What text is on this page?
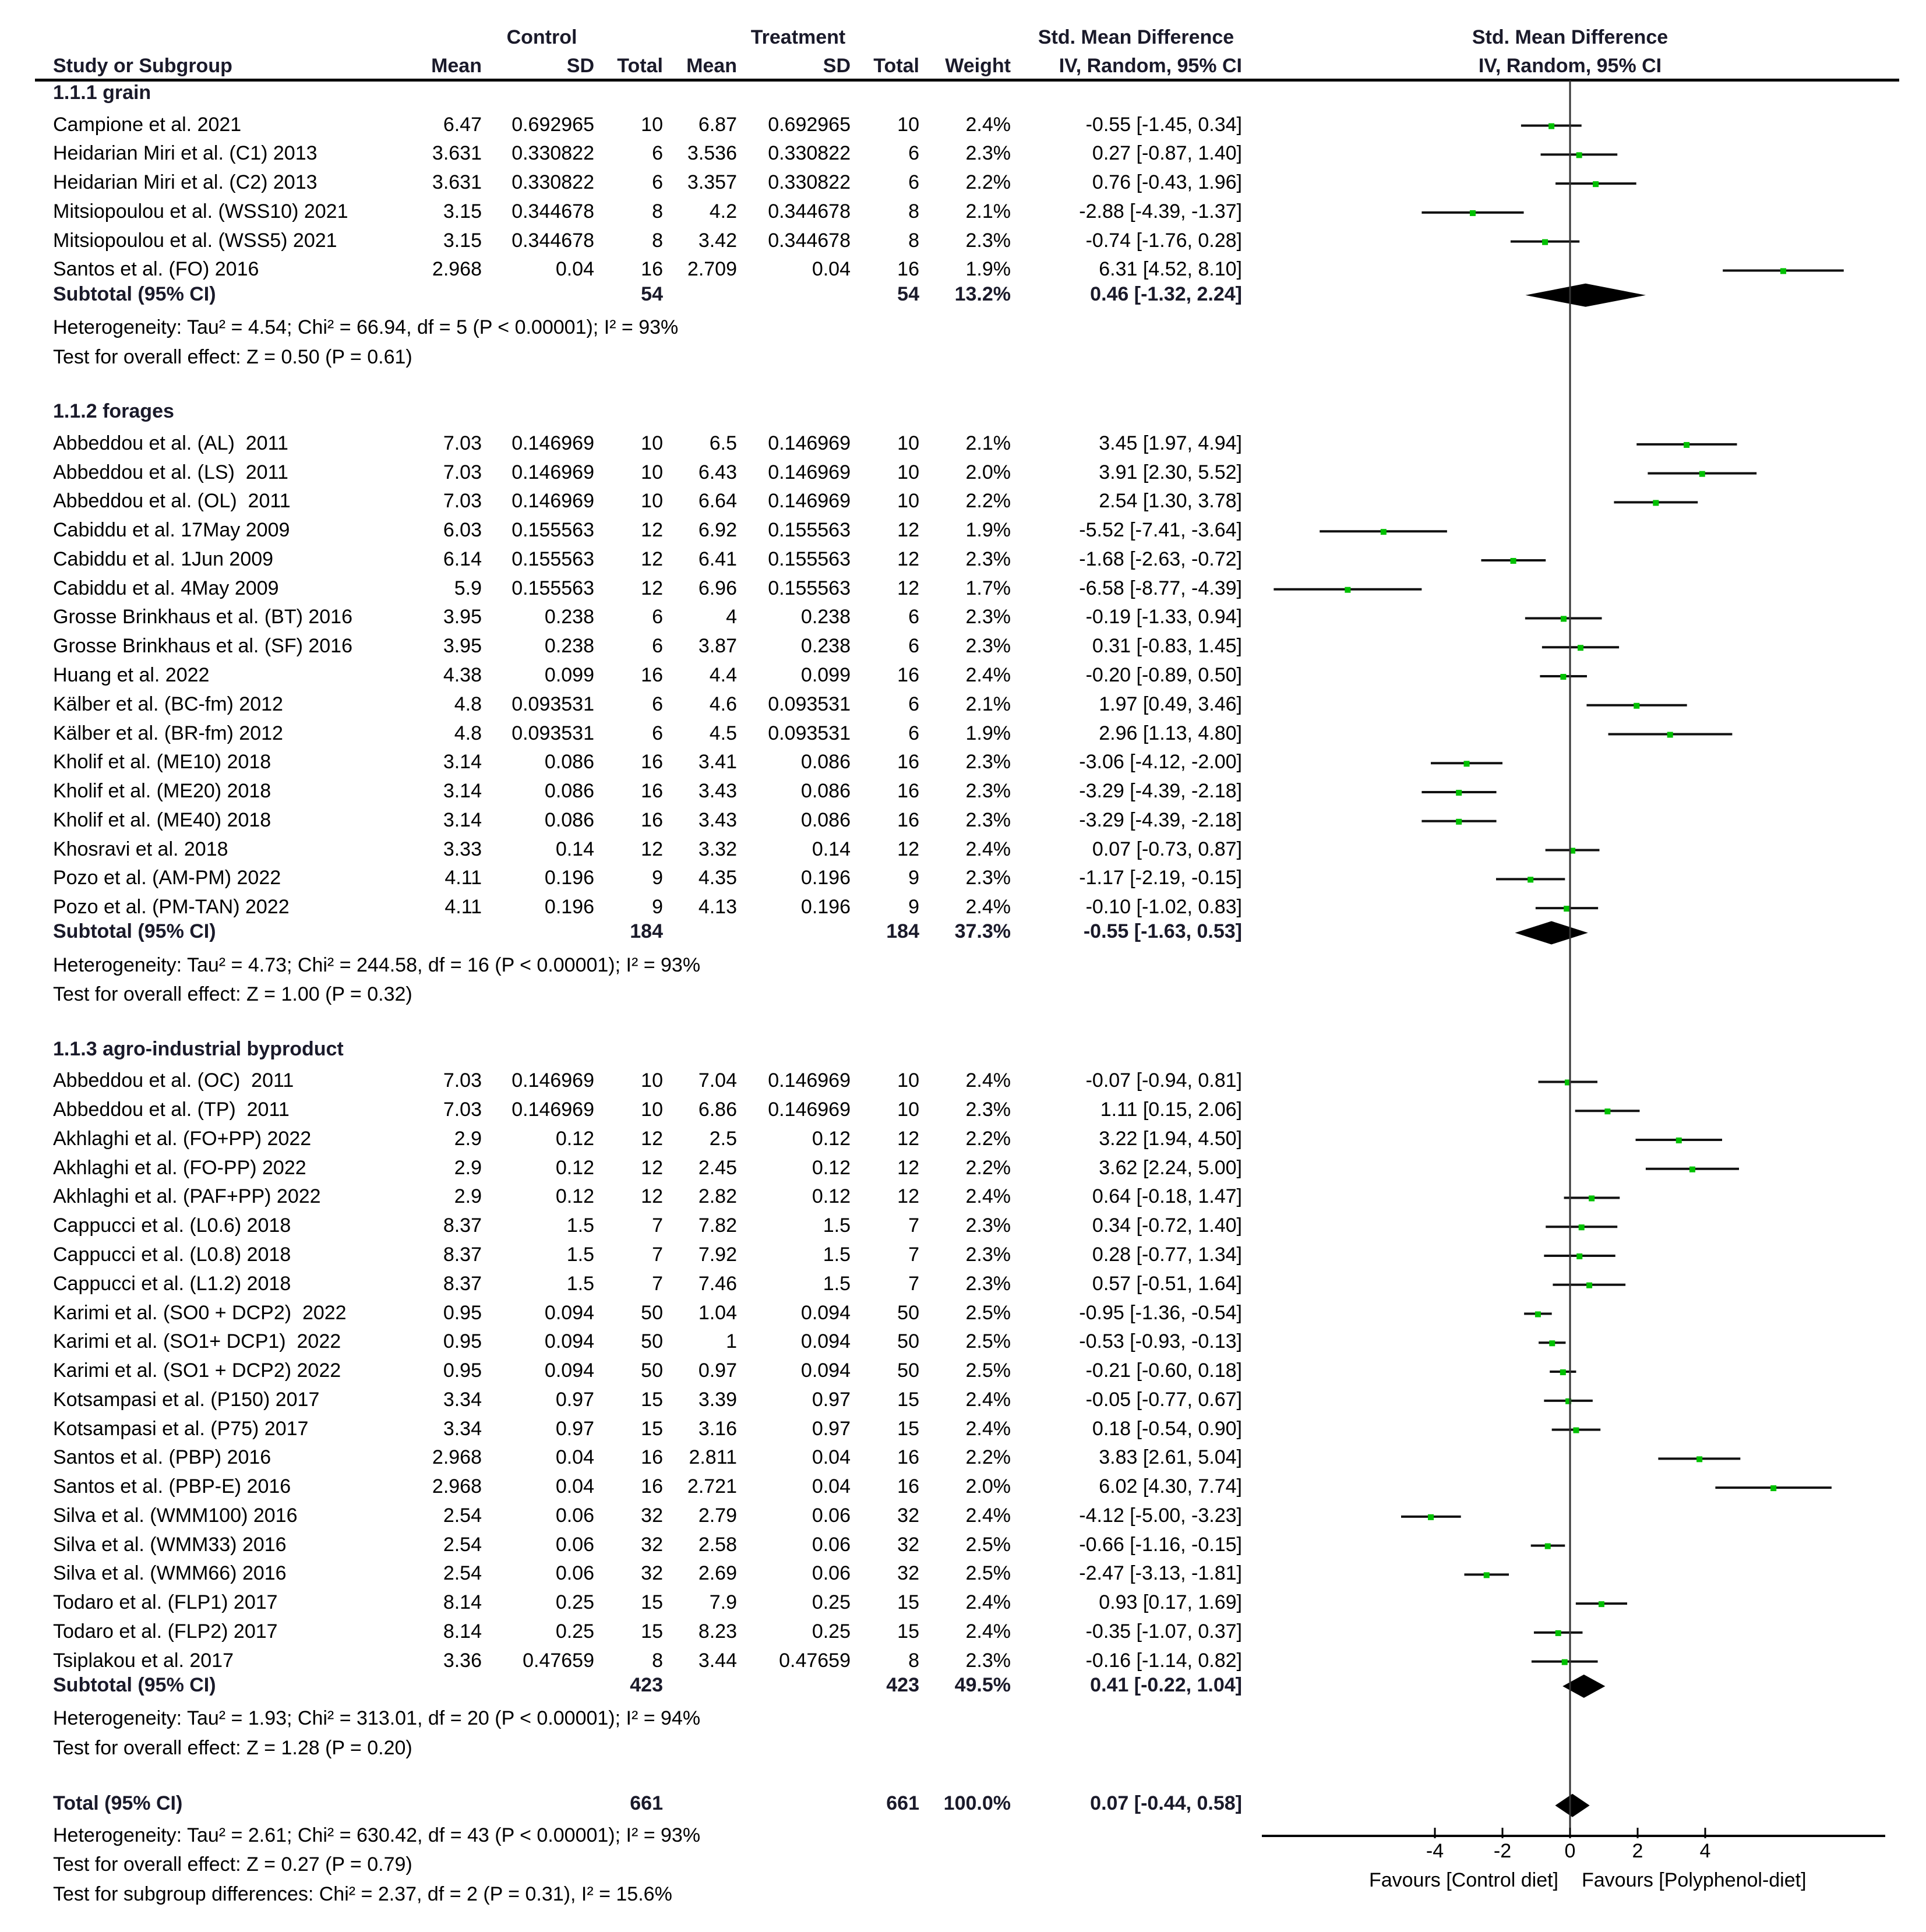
Control	Treatment	Std. Mean Difference	Std. Mean Difference
Study or Subgroup	Mean	SD	Total	Mean	SD	Total	Weight	IV, Random, 95% CI	IV, Random, 95% CI
1.1.1 grain
Campione et al. 2021	6.47	0.692965	10	6.87	0.692965	10	2.4%	-0.55 [-1.45, 0.34]
Heidarian Miri et al. (C1) 2013	3.631	0.330822	6	3.536	0.330822	6	2.3%	0.27 [-0.87, 1.40]
Heidarian Miri et al. (C2) 2013	3.631	0.330822	6	3.357	0.330822	6	2.2%	0.76 [-0.43, 1.96]
Mitsiopoulou et al. (WSS10) 2021	3.15	0.344678	8	4.2	0.344678	8	2.1%	-2.88 [-4.39, -1.37]
Mitsiopoulou et al. (WSS5) 2021	3.15	0.344678	8	3.42	0.344678	8	2.3%	-0.74 [-1.76, 0.28]
Santos et al. (FO) 2016	2.968	0.04	16	2.709	0.04	16	1.9%	6.31 [4.52, 8.10]
Subtotal (95% CI)	54	54	13.2%	0.46 [-1.32, 2.24]
Heterogeneity: Tau² = 4.54; Chi² = 66.94, df = 5 (P < 0.00001); I² = 93%
Test for overall effect: Z = 0.50 (P = 0.61)
1.1.2 forages
Abbeddou et al. (AL)  2011	7.03	0.146969	10	6.5	0.146969	10	2.1%	3.45 [1.97, 4.94]
Abbeddou et al. (LS)  2011	7.03	0.146969	10	6.43	0.146969	10	2.0%	3.91 [2.30, 5.52]
Abbeddou et al. (OL)  2011	7.03	0.146969	10	6.64	0.146969	10	2.2%	2.54 [1.30, 3.78]
Cabiddu et al. 17May 2009	6.03	0.155563	12	6.92	0.155563	12	1.9%	-5.52 [-7.41, -3.64]
Cabiddu et al. 1Jun 2009	6.14	0.155563	12	6.41	0.155563	12	2.3%	-1.68 [-2.63, -0.72]
Cabiddu et al. 4May 2009	5.9	0.155563	12	6.96	0.155563	12	1.7%	-6.58 [-8.77, -4.39]
Grosse Brinkhaus et al. (BT) 2016	3.95	0.238	6	4	0.238	6	2.3%	-0.19 [-1.33, 0.94]
Grosse Brinkhaus et al. (SF) 2016	3.95	0.238	6	3.87	0.238	6	2.3%	0.31 [-0.83, 1.45]
Huang et al. 2022	4.38	0.099	16	4.4	0.099	16	2.4%	-0.20 [-0.89, 0.50]
Kälber et al. (BC-fm) 2012	4.8	0.093531	6	4.6	0.093531	6	2.1%	1.97 [0.49, 3.46]
Kälber et al. (BR-fm) 2012	4.8	0.093531	6	4.5	0.093531	6	1.9%	2.96 [1.13, 4.80]
Kholif et al. (ME10) 2018	3.14	0.086	16	3.41	0.086	16	2.3%	-3.06 [-4.12, -2.00]
Kholif et al. (ME20) 2018	3.14	0.086	16	3.43	0.086	16	2.3%	-3.29 [-4.39, -2.18]
Kholif et al. (ME40) 2018	3.14	0.086	16	3.43	0.086	16	2.3%	-3.29 [-4.39, -2.18]
Khosravi et al. 2018	3.33	0.14	12	3.32	0.14	12	2.4%	0.07 [-0.73, 0.87]
Pozo et al. (AM-PM) 2022	4.11	0.196	9	4.35	0.196	9	2.3%	-1.17 [-2.19, -0.15]
Pozo et al. (PM-TAN) 2022	4.11	0.196	9	4.13	0.196	9	2.4%	-0.10 [-1.02, 0.83]
Subtotal (95% CI)	184	184	37.3%	-0.55 [-1.63, 0.53]
Heterogeneity: Tau² = 4.73; Chi² = 244.58, df = 16 (P < 0.00001); I² = 93%
Test for overall effect: Z = 1.00 (P = 0.32)
1.1.3 agro-industrial byproduct
Abbeddou et al. (OC)  2011	7.03	0.146969	10	7.04	0.146969	10	2.4%	-0.07 [-0.94, 0.81]
Abbeddou et al. (TP)  2011	7.03	0.146969	10	6.86	0.146969	10	2.3%	1.11 [0.15, 2.06]
Akhlaghi et al. (FO+PP) 2022	2.9	0.12	12	2.5	0.12	12	2.2%	3.22 [1.94, 4.50]
Akhlaghi et al. (FO-PP) 2022	2.9	0.12	12	2.45	0.12	12	2.2%	3.62 [2.24, 5.00]
Akhlaghi et al. (PAF+PP) 2022	2.9	0.12	12	2.82	0.12	12	2.4%	0.64 [-0.18, 1.47]
Cappucci et al. (L0.6) 2018	8.37	1.5	7	7.82	1.5	7	2.3%	0.34 [-0.72, 1.40]
Cappucci et al. (L0.8) 2018	8.37	1.5	7	7.92	1.5	7	2.3%	0.28 [-0.77, 1.34]
Cappucci et al. (L1.2) 2018	8.37	1.5	7	7.46	1.5	7	2.3%	0.57 [-0.51, 1.64]
Karimi et al. (SO0 + DCP2)  2022	0.95	0.094	50	1.04	0.094	50	2.5%	-0.95 [-1.36, -0.54]
Karimi et al. (SO1+ DCP1)  2022	0.95	0.094	50	1	0.094	50	2.5%	-0.53 [-0.93, -0.13]
Karimi et al. (SO1 + DCP2) 2022	0.95	0.094	50	0.97	0.094	50	2.5%	-0.21 [-0.60, 0.18]
Kotsampasi et al. (P150) 2017	3.34	0.97	15	3.39	0.97	15	2.4%	-0.05 [-0.77, 0.67]
Kotsampasi et al. (P75) 2017	3.34	0.97	15	3.16	0.97	15	2.4%	0.18 [-0.54, 0.90]
Santos et al. (PBP) 2016	2.968	0.04	16	2.811	0.04	16	2.2%	3.83 [2.61, 5.04]
Santos et al. (PBP-E) 2016	2.968	0.04	16	2.721	0.04	16	2.0%	6.02 [4.30, 7.74]
Silva et al. (WMM100) 2016	2.54	0.06	32	2.79	0.06	32	2.4%	-4.12 [-5.00, -3.23]
Silva et al. (WMM33) 2016	2.54	0.06	32	2.58	0.06	32	2.5%	-0.66 [-1.16, -0.15]
Silva et al. (WMM66) 2016	2.54	0.06	32	2.69	0.06	32	2.5%	-2.47 [-3.13, -1.81]
Todaro et al. (FLP1) 2017	8.14	0.25	15	7.9	0.25	15	2.4%	0.93 [0.17, 1.69]
Todaro et al. (FLP2) 2017	8.14	0.25	15	8.23	0.25	15	2.4%	-0.35 [-1.07, 0.37]
Tsiplakou et al. 2017	3.36	0.47659	8	3.44	0.47659	8	2.3%	-0.16 [-1.14, 0.82]
Subtotal (95% CI)	423	423	49.5%	0.41 [-0.22, 1.04]
Heterogeneity: Tau² = 1.93; Chi² = 313.01, df = 20 (P < 0.00001); I² = 94%
Test for overall effect: Z = 1.28 (P = 0.20)
Total (95% CI)	661	661	100.0%	0.07 [-0.44, 0.58]
Heterogeneity: Tau² = 2.61; Chi² = 630.42, df = 43 (P < 0.00001); I² = 93%
Test for overall effect: Z = 0.27 (P = 0.79)
Test for subgroup differences: Chi² = 2.37, df = 2 (P = 0.31), I² = 15.6%
-4	-2	0	2	4
Favours [Control diet] Favours [Polyphenol-diet]
